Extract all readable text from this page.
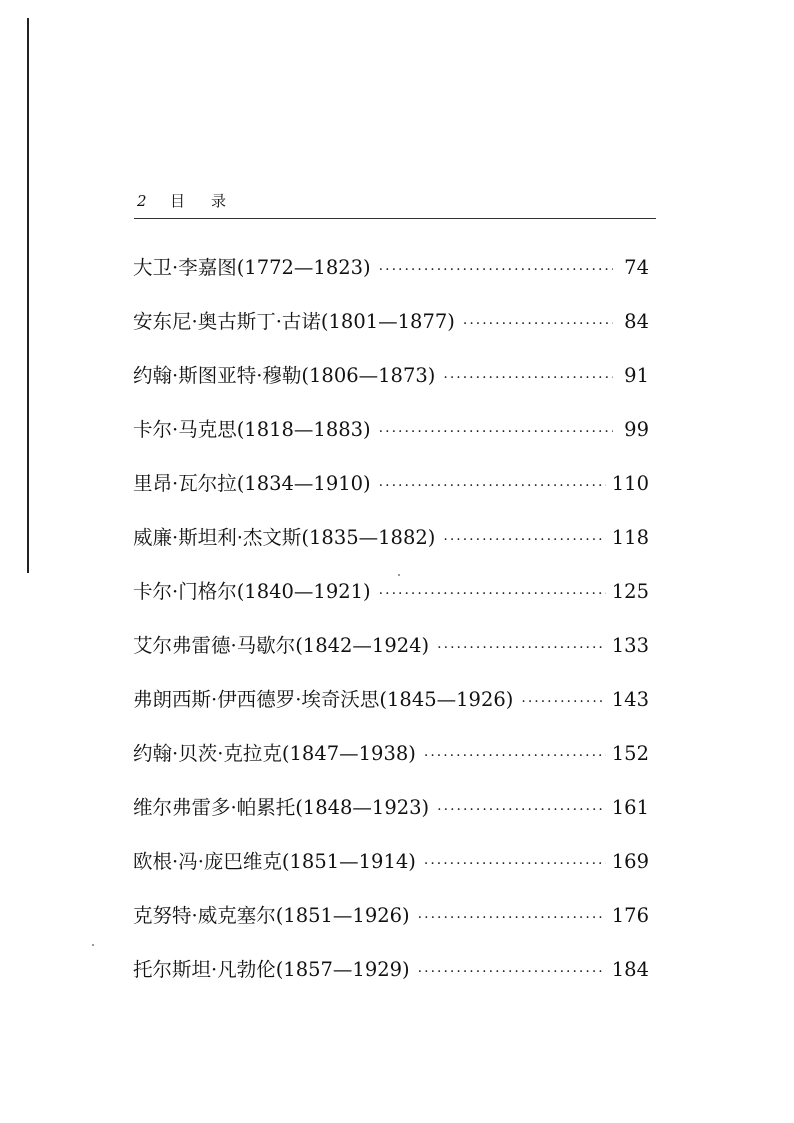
2 目录
大卫·李嘉图(1772—1823) ·····	74
安东尼·奥古斯丁·古诺(1801—1877) ·····	84
约翰·斯图亚特·穆勒(1806—1873) ·····	91
卡尔·马克思(1818—1883) ·····	99
里昂·瓦尔拉(1834—1910) ·····	110
威廉·斯坦利·杰文斯(1835—1882) ·····	118
卡尔·门格尔(1840—1921) ·····	125
艾尔弗雷德·马歇尔(1842—1924) ·····	133
弗朗西斯·伊西德罗·埃奇沃思(1845—1926) ·····	143
约翰·贝茨·克拉克(1847—1938) ·····	152
维尔弗雷多·帕累托(1848—1923) ·····	161
欧根·冯·庞巴维克(1851—1914) ·····	169
克努特·威克塞尔(1851—1926) ·····	176
托尔斯坦·凡勃伦(1857—1929) ·····	184
